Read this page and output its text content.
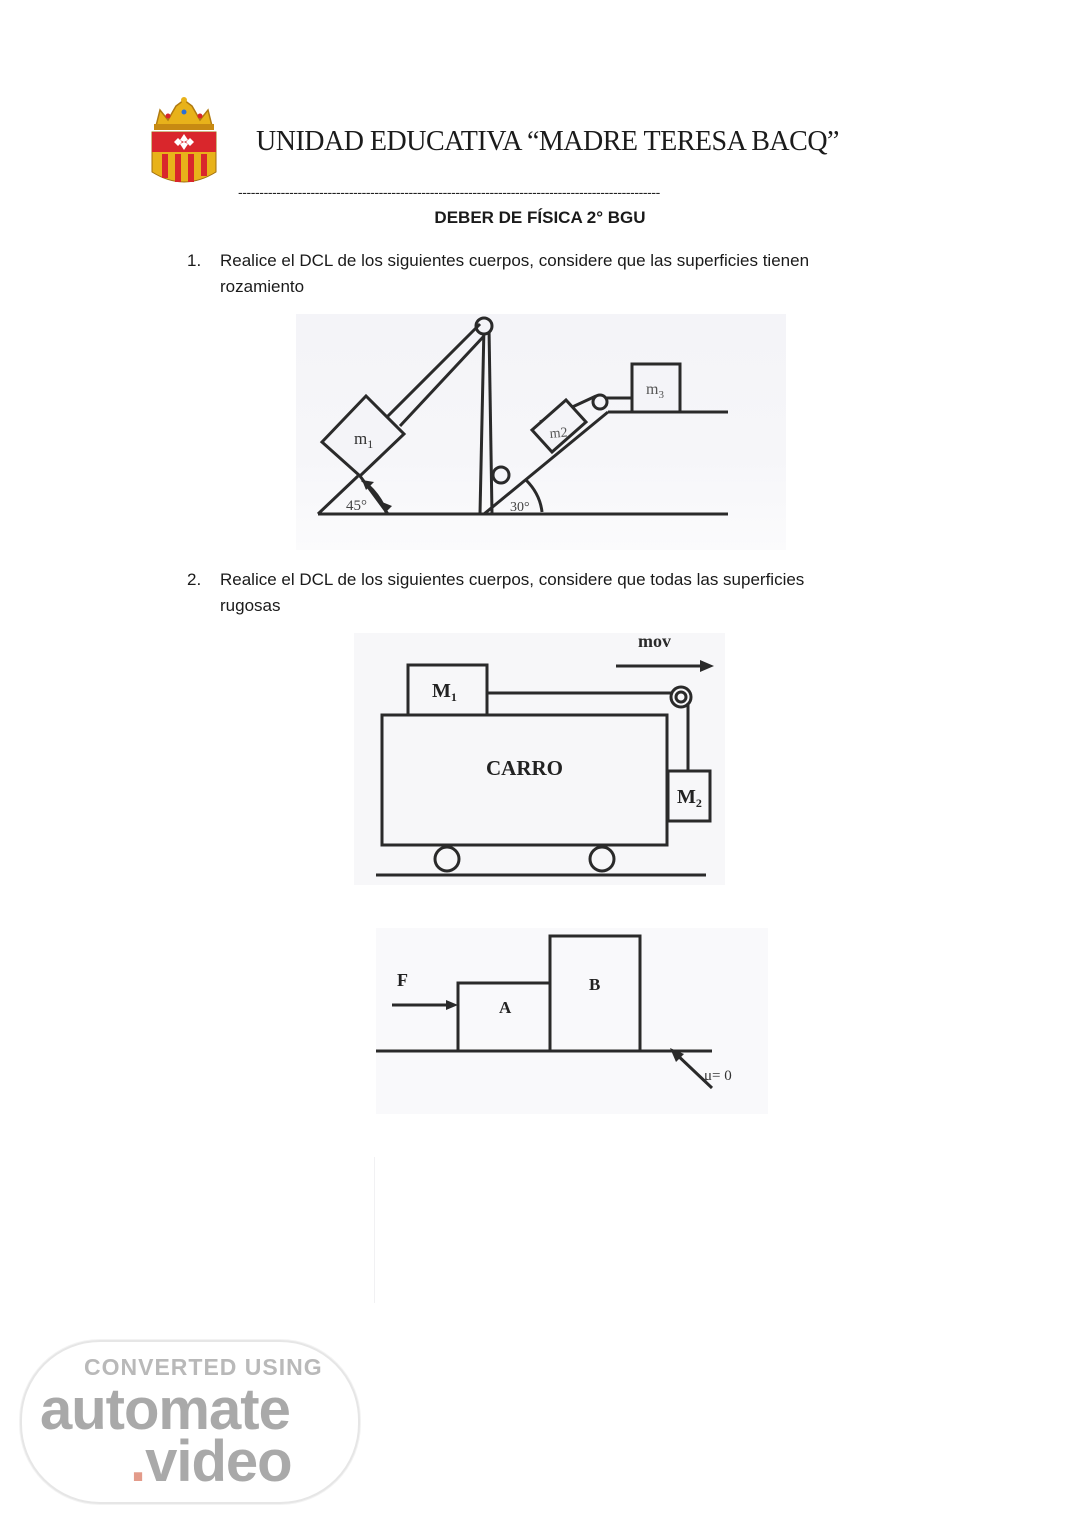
UNIDAD EDUCATIVA “MADRE TERESA BACQ”
---------------------------------------------------------------------------------------------------
DEBER DE FÍSICA 2° BGU
1. Realice el DCL de los siguientes cuerpos, considere que las superficies tienen rozamiento
$m_1$
m2
$m_3$
45°	30°
2. Realice el DCL de los siguientes cuerpos, considere que todas las superficies
rugosas
mov
$M_1$
CARRO
$M_2$
F
A
B
μ= 0
CONVERTED USING
automate
.video
